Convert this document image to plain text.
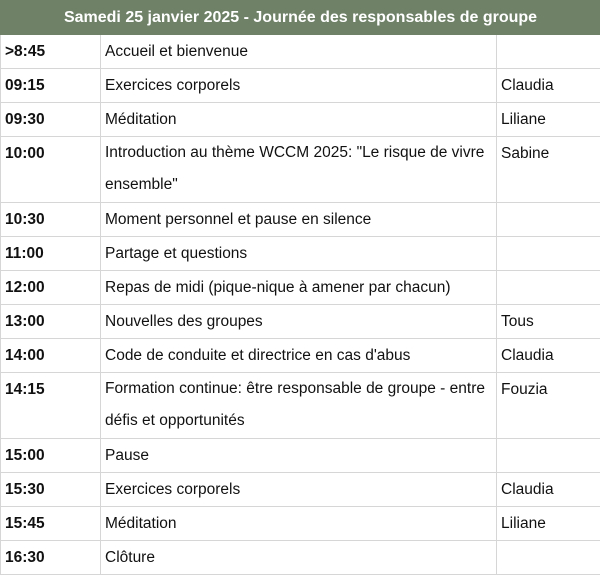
Samedi 25 janvier 2025 - Journée des responsables de groupe		
>8:45	Accueil et bienvenue	
09:15	Exercices corporels	Claudia
09:30	Méditation	Liliane
10:00	Introduction au thème WCCM 2025: "Le risque de vivre ensemble"	Sabine
10:30	Moment personnel et pause en silence	
11:00	Partage et questions	
12:00	Repas de midi (pique-nique à amener par chacun)	
13:00	Nouvelles des groupes	Tous
14:00	Code de conduite et directrice en cas d'abus	Claudia
14:15	Formation continue: être responsable de groupe - entre défis et opportunités	Fouzia
15:00	Pause	
15:30	Exercices corporels	Claudia
15:45	Méditation	Liliane
16:30	Clôture	
